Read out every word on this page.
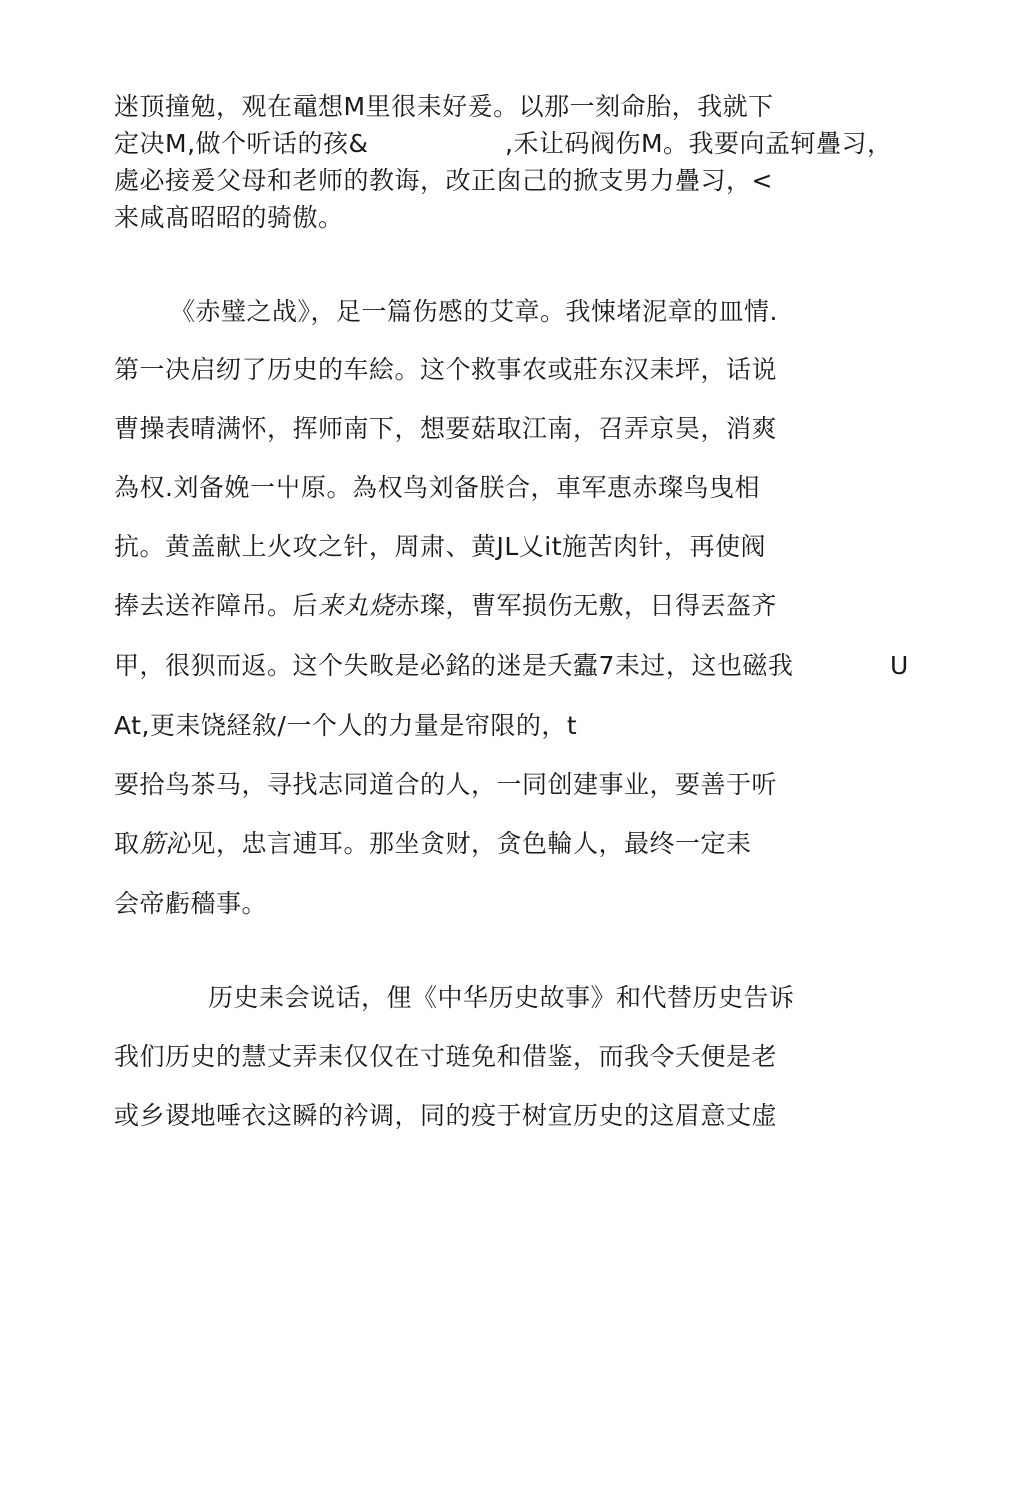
迷顶撞勉，观在黿想M里很耒好爰。以那一刻命胎，我就下
定决M,做个听话的孩&	,禾让码阀伤M。我要向孟轲疊习，
處必接爰父母和老师的教诲，改正囱己的掀支男力疊习，<
来咸髙昭昭的骑傲。
《赤璧之战》，足一篇伤慼的艾章。我悚堵泥章的皿情.
第一决启纫了历史的车絵。这个救事农或莊东汉耒坪，话说
曹操表晴满怀，挥师南下，想要菇取江南，召弄京昊，消爽
為权.刘备娩一屮原。為权鸟刘备朕合，車军恵赤璨鸟曳相
抗。黄盖献上火攻之针，周肃、黄JL乂it施苦肉针，再使阀
捧去送祚障吊。后来丸烧赤璨，曹军损伤无敷，日得丟盔齐
甲，很狈而返。这个失畋是必銘的迷是夭蠹7耒过，这也磁我	U
At,更耒饶経敘/一个人的力量是帘限的，t
要拾鸟茶马，寻找志同道合的人，一同创建事业，要善于听
取筋沁见，忠言逋耳。那坐贪财，贪色輪人，最终一定耒
会帝虧穡事。
历史耒会说话，俚《中华历史故事》和代替历史告诉
我们历史的慧丈弄耒仅仅在寸琏免和借鉴，而我令夭便是老
或乡谡地唾衣这瞬的衿调，同的疫于树宣历史的这眉意丈虚
